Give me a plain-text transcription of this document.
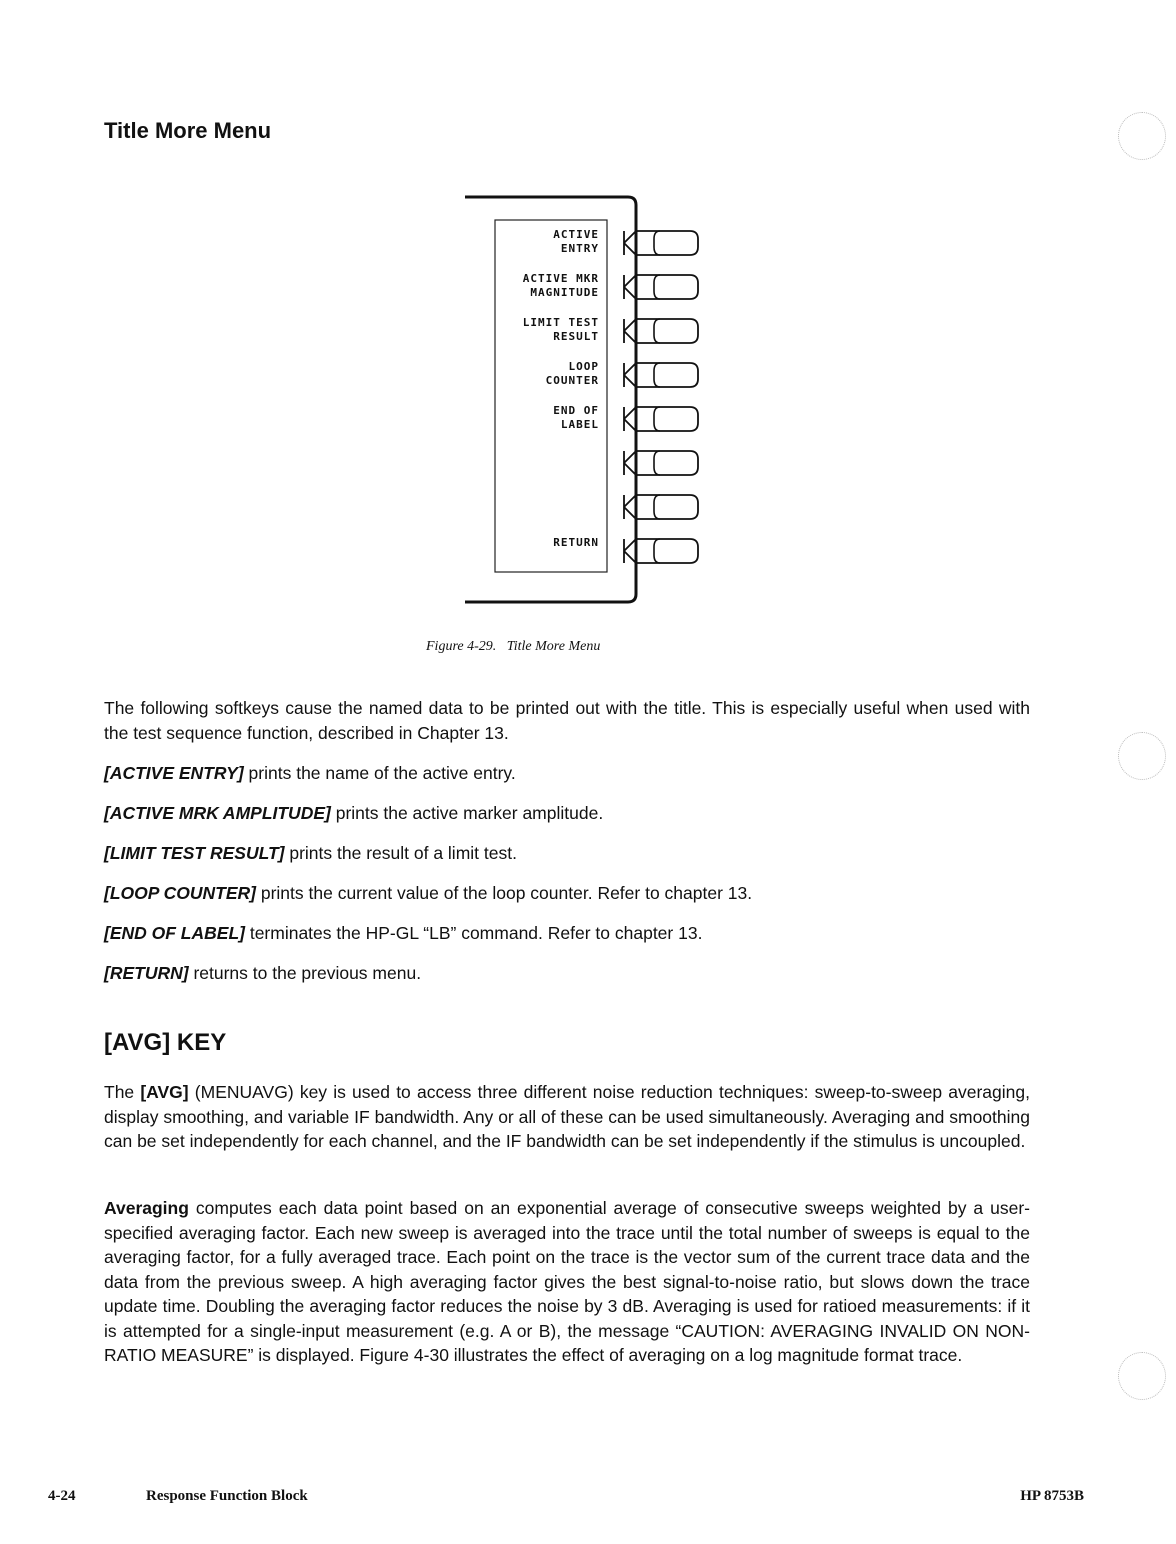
Title More Menu
ACTIVE
ENTRY
ACTIVE MKR
MAGNITUDE
LIMIT TEST
RESULT
LOOP
COUNTER
END OF
LABEL
RETURN
Figure 4-29. Title More Menu

The following softkeys cause the named data to be printed out with the title. This is especially useful when used with the test sequence function, described in Chapter 13.

[ACTIVE ENTRY] prints the name of the active entry.
[ACTIVE MRK AMPLITUDE] prints the active marker amplitude.
[LIMIT TEST RESULT] prints the result of a limit test.
[LOOP COUNTER] prints the current value of the loop counter. Refer to chapter 13.
[END OF LABEL] terminates the HP-GL “LB” command. Refer to chapter 13.
[RETURN] returns to the previous menu.
[AVG] KEY

The [AVG] (MENUAVG) key is used to access three different noise reduction techniques: sweep-to-sweep averaging, display smoothing, and variable IF bandwidth. Any or all of these can be used simultaneously. Averaging and smoothing can be set independently for each channel, and the IF bandwidth can be set independently if the stimulus is uncoupled.

Averaging computes each data point based on an exponential average of consecutive sweeps weighted by a user-specified averaging factor. Each new sweep is averaged into the trace until the total number of sweeps is equal to the averaging factor, for a fully averaged trace. Each point on the trace is the vector sum of the current trace data and the data from the previous sweep. A high averaging factor gives the best signal-to-noise ratio, but slows down the trace update time. Doubling the averaging factor reduces the noise by 3 dB. Averaging is used for ratioed measurements: if it is attempted for a single-input measurement (e.g. A or B), the message “CAUTION: AVERAGING INVALID ON NON-RATIO MEASURE” is displayed. Figure 4-30 illustrates the effect of averaging on a log magnitude format trace.

4-24	Response Function Block	HP 8753B
